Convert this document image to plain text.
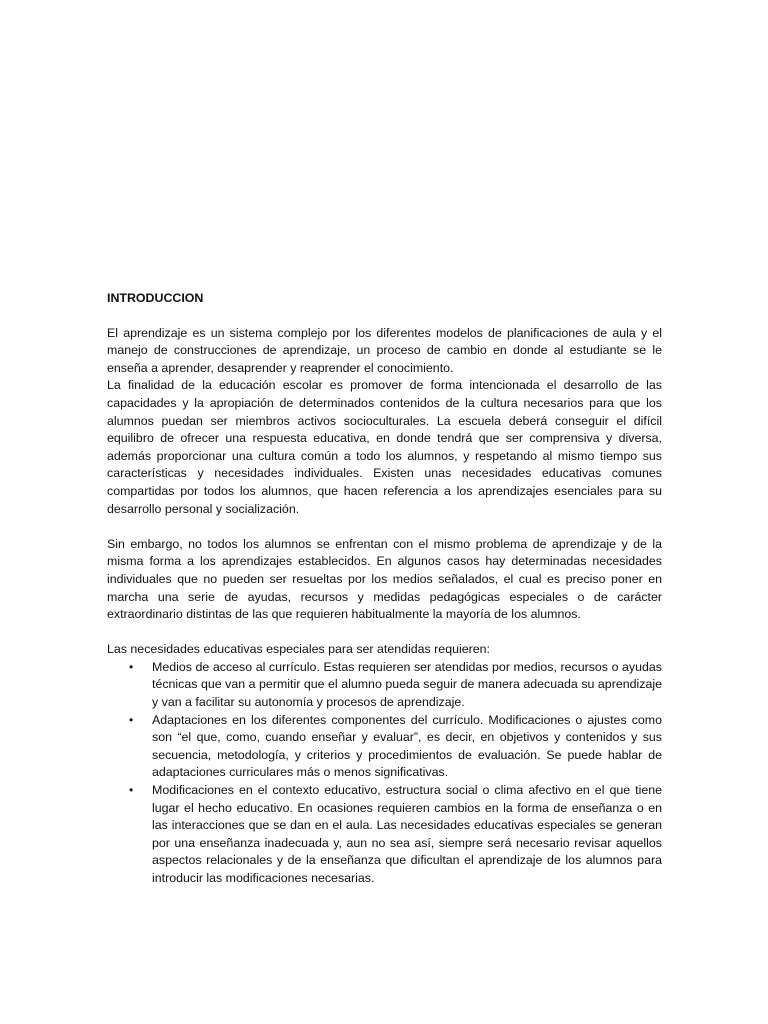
INTRODUCCION

El aprendizaje es un sistema complejo por los diferentes modelos de planificaciones de aula y el manejo de construcciones de aprendizaje, un proceso de cambio en donde al estudiante se le enseña a aprender, desaprender y reaprender el conocimiento.

La finalidad de la educación escolar es promover de forma intencionada el desarrollo de las capacidades y la apropiación de determinados contenidos de la cultura necesarios para que los alumnos puedan ser miembros activos socioculturales. La escuela deberá conseguir el difícil equilibro de ofrecer una respuesta educativa, en donde tendrá que ser comprensiva y diversa, además proporcionar una cultura común a todo los alumnos, y respetando al mismo tiempo sus características y necesidades individuales. Existen unas necesidades educativas comunes compartidas por todos los alumnos, que hacen referencia a los aprendizajes esenciales para su desarrollo personal y socialización.

Sin embargo, no todos los alumnos se enfrentan con el mismo problema de aprendizaje y de la misma forma a los aprendizajes establecidos. En algunos casos hay determinadas necesidades individuales que no pueden ser resueltas por los medios señalados, el cual es preciso poner en marcha una serie de ayudas, recursos y medidas pedagógicas especiales o de carácter extraordinario distintas de las que requieren habitualmente la mayoría de los alumnos.

Las necesidades educativas especiales para ser atendidas requieren:

• Medios de acceso al currículo. Estas requieren ser atendidas por medios, recursos o ayudas técnicas que van a permitir que el alumno pueda seguir de manera adecuada su aprendizaje y van a facilitar su autonomía y procesos de aprendizaje.
• Adaptaciones en los diferentes componentes del currículo. Modificaciones o ajustes como son “el que, como, cuando enseñar y evaluar”, es decir, en objetivos y contenidos y sus secuencia, metodología, y criterios y procedimientos de evaluación. Se puede hablar de adaptaciones curriculares más o menos significativas.
• Modificaciones en el contexto educativo, estructura social o clima afectivo en el que tiene lugar el hecho educativo. En ocasiones requieren cambios en la forma de enseñanza o en las interacciones que se dan en el aula. Las necesidades educativas especiales se generan por una enseñanza inadecuada y, aun no sea así, siempre será necesario revisar aquellos aspectos relacionales y de la enseñanza que dificultan el aprendizaje de los alumnos para introducir las modificaciones necesarias.
